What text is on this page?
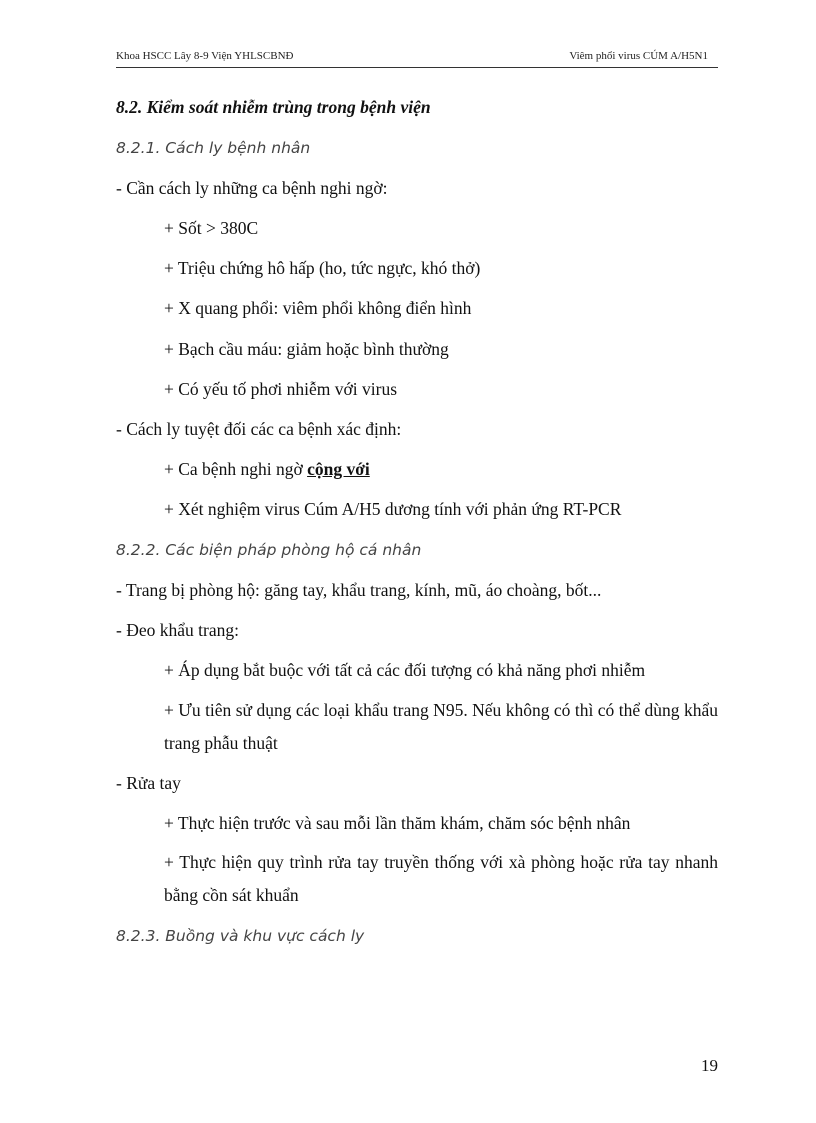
Khoa HSCC Lây 8-9 Viện YHLSCBNĐ	Viêm phổi virus CÚM A/H5N1
8.2. Kiểm soát nhiễm trùng trong bệnh viện
8.2.1. Cách ly bệnh nhân
- Cần cách ly những ca bệnh nghi ngờ:
+ Sốt > 380C
+ Triệu chứng hô hấp (ho, tức ngực, khó thở)
+ X quang phổi: viêm phổi không điển hình
+ Bạch cầu máu: giảm hoặc bình thường
+ Có yếu tố phơi nhiễm với virus
- Cách ly tuyệt đối các ca bệnh xác định:
+ Ca bệnh nghi ngờ cộng với
+ Xét nghiệm virus Cúm A/H5 dương tính với phản ứng RT-PCR
8.2.2. Các biện pháp phòng hộ cá nhân
- Trang bị phòng hộ: găng tay, khẩu trang, kính, mũ, áo choàng, bốt...
- Đeo khẩu trang:
+ Áp dụng bắt buộc với tất cả các đối tượng có khả năng phơi nhiễm
+ Ưu tiên sử dụng các loại khẩu trang N95. Nếu không có thì có thể dùng khẩu trang phẫu thuật
- Rửa tay
+ Thực hiện trước và sau mỗi lần thăm khám, chăm sóc bệnh nhân
+ Thực hiện quy trình rửa tay truyền thống với xà phòng hoặc rửa tay nhanh bằng cồn sát khuẩn
8.2.3. Buồng và khu vực cách ly
19
